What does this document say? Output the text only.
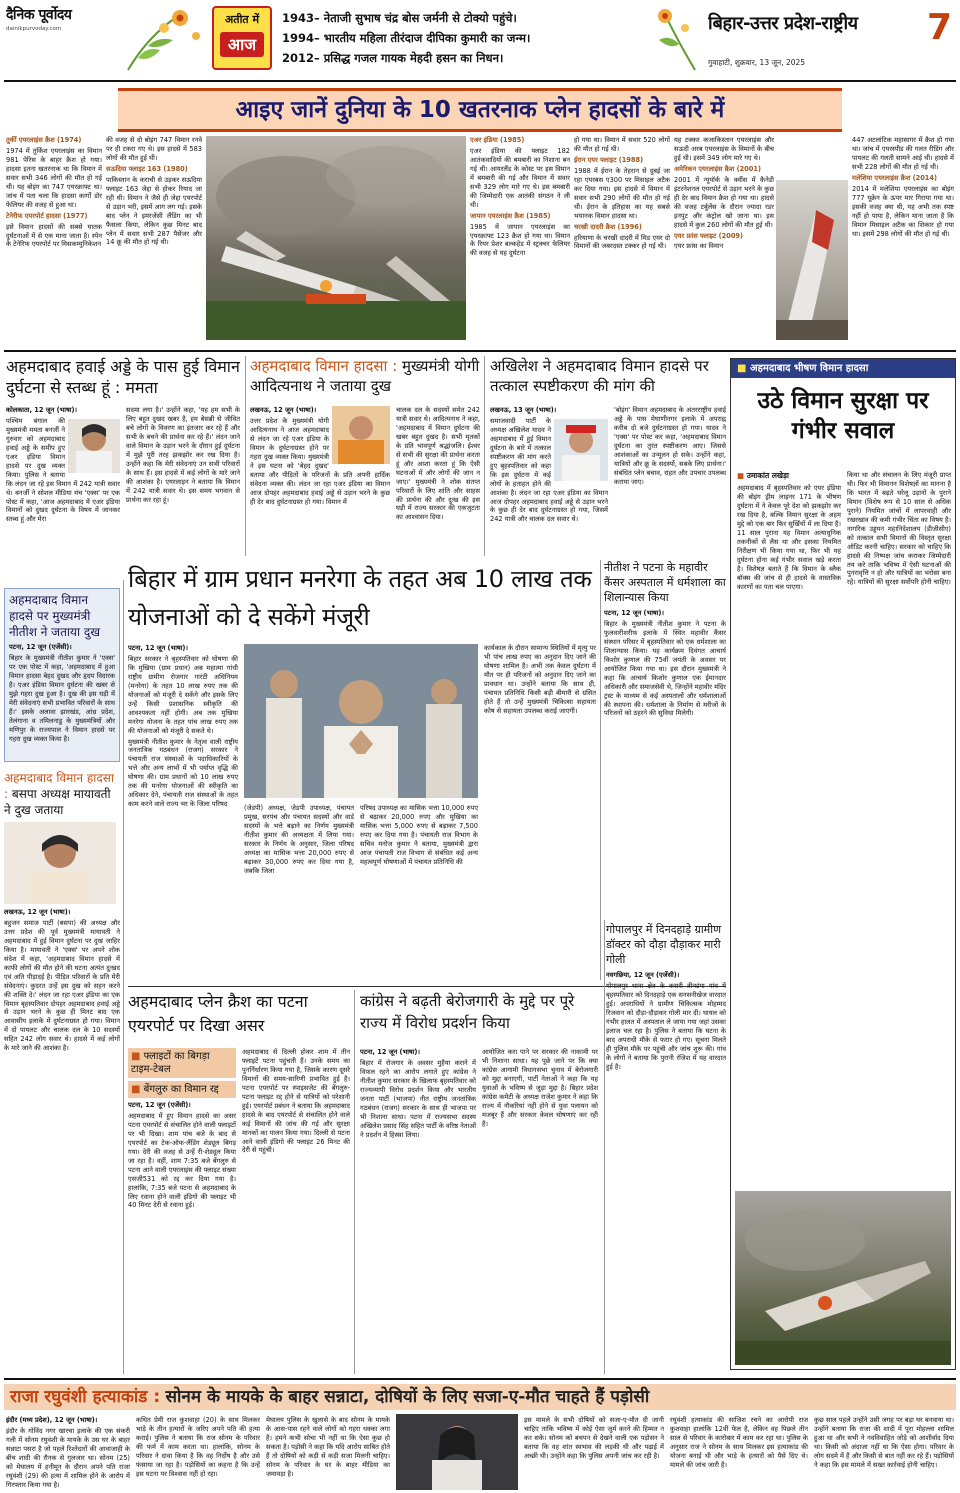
दैनिक पूर्वोदय
dainikpurvoday.com
अतीत में
आज
1943– नेताजी सुभाष चंद्र बोस जर्मनी से टोक्यो पहुंचे।
1994– भारतीय महिला तीरंदाज दीपिका कुमारी का जन्म।
2012– प्रसिद्ध गजल गायक मेहदी हसन का निधन।
बिहार-उत्तर प्रदेश-राष्ट्रीय 7
गुवाहाटी, शुक्रवार, 13 जून, 2025
आइए जानें दुनिया के 10 खतरनाक प्लेन हादसों के बारे में

तुर्की एयरलाइंस क्रैश (1974)

1974 में तुर्किश एयरलाइंस का विमान 981 पेरिस के बाहर क्रैश हो गया। हादसा इतना खतरनाक था कि विमान में सवार सभी 346 लोगों की मौत हो गई थी। यह बोइंग का 747 एयरक्राफ्ट था। जांच में पता चला कि हादसा कार्गो डोर फेलियर की वजह से हुआ था।

टेनेरीफ एयरपोर्ट हादसा (1977)

इसे विमान हादसों की सबसे घातक दुर्घटनाओं में से एक माना जाता है। स्पेन के टेनेरिफ एयरपोर्ट पर मिसकम्युनिकेशन

की वजह से दो बोइंग 747 विमान रनवे पर ही टकरा गए थे। इस हादसे में 583 लोगों की मौत हुई थी।

सऊदिया फ्लाइट 163 (1980)

पाकिस्तान के कराची से उड़कर सऊदिया फ्लाइट 163 जेद्दा से होकर रियाद जा रही थी। विमान ने जैसे ही जेद्दा एयरपोर्ट से उड़ान भरी, इसमें आग लग गई। इसके बाद प्लेन ने इमरजेंसी लैंडिंग का भी फैसला किया, लेकिन कुछ मिनट बाद प्लेन में सवार सभी 287 पैसेंजर और 14 क्रू की मौत हो गई थी।

एअर इंडिया (1985)

एअर इंडिया की फ्लाइट 182 आतंकवादियों की बमबारी का निशाना बन गई थी। आयरलैंड के कोस्ट पर इस विमान में बमबारी की गई और विमान में सवार सभी 329 लोग मारे गए थे। इस बमबारी की जिम्मेदारी एक आतंकी संगठन ने ली थी।

जापान एयरलाइंस क्रैश (1985)

1985 में जापान एयरलाइंस का एयरक्राफ्ट 123 क्रैश हो गया था। विमान के रियर प्रेशर बल्कहेड में स्ट्रक्चर फेलियर की वजह से यह दुर्घटना

हो गया था। विमान में सवार 520 लोगों की मौत हो गई थी।

ईरान एयर फ्लाइट (1988)

1988 में ईरान के तेहरान से दुबई जा रहा एयरबस ए300 पर मिसाइल अटैक कर दिया गया। इस हादसे में विमान में सवार सभी 290 लोगों की मौत हो गई थी। ईरान के इतिहास का यह सबसे भयानक विमान हादसा था।

चरखी दादरी क्रैश (1996)

हरियाणा के चरखी दादरी में मिड एयर दो विमानों की जबरदस्त टक्कर हो गई थी।

यह टक्कर कजाकिस्तान एयरलाइंस और सऊदी अरब एयरलाइंस के विमानों के बीच हुई थी। इसमें 349 लोग मारे गए थे।

अमेरिकन एयरलाइंस क्रैश (2001)

2001 में न्यूयॉर्क के क्वींस में कैनेडी इंटरनेशनल एयरपोर्ट से उड़ान भरने के कुछ ही देर बाद विमान क्रैश हो गया था। हादसे की वजह टर्बुलेंस के दौरान ज्यादा रडर इनपुट और कंट्रोल खो जाना था। इस हादसे में कुल 260 लोगों की मौत हुई थी।

एयर फ्रांस फ्लाइट (2009)

एयर फ्रांस का विमान

447 अटलांटिक महासागर में क्रैश हो गया था। जांच में एयरस्पीड की गलत रीडिंग और पायलट की गलती सामने आई थी। हादसे में सभी 228 लोगों की मौत हो गई थी।

मलेशिया एयरलाइंस क्रैश (2014)

2014 में मलेशिया एयरलाइंस का बोइंग 777 यूक्रेन के ऊपर मार गिराया गया था। इसकी वजह क्या थी, यह अभी तक स्पष्ट नहीं हो पाया है, लेकिन माना जाता है कि विमान मिसाइल अटैक का शिकार हो गया था। इसमें 298 लोगों की मौत हो गई थी।

अहमदाबाद हवाई अड्डे के पास हुई विमान दुर्घटना से स्तब्ध हूं : ममता

कोलकाता, 12 जून (भाषा)।

पश्चिम बंगाल की मुख्यमंत्री ममता बनर्जी ने गुरुवार को अहमदाबाद हवाई अड्डे के समीप हुए एअर इंडिया विमान हादसे पर दुख व्यक्त किया। पुलिस ने बताया कि लंदन जा रहे इस विमान में 242 यात्री सवार थे। बनर्जी ने सोशल मीडिया मंच 'एक्स' पर एक पोस्ट में कहा, 'आज अहमदाबाद में एअर इंडिया विमानों को दुखद दुर्घटना के विषय में जानकर स्तब्ध हूं और मेरा

सदमा लगा है।' उन्होंने कहा, 'यह हम सभी के लिए बहुत दुखद खबर है, हम बेसब्री से जीवित बचे लोगों के विवरण का इंतजार कर रहे हैं और सभी के बचने की प्रार्थना कर रहे हैं।' लंदन जाने वाले विमान के उड़ान भरने के दौरान हुई दुर्घटना में मुझे पूरी तरह झकझोर कर रख दिया है। उन्होंने कहा कि मेरी संवेदनाएं उन सभी परिवारों के साथ हैं। इस हादसे में कई लोगों के मारे जाने की आशंका है। एयरलाइन ने बताया कि विमान में 242 यात्री सवार थे। इस समय भगवान से प्रार्थना कर रहा हूं।

अहमदाबाद विमान हादसा : मुख्यमंत्री योगी आदित्यनाथ ने जताया दुख

लखनऊ, 12 जून (भाषा)।

उत्तर प्रदेश के मुख्यमंत्री योगी आदित्यनाथ ने आज अहमदाबाद से लंदन जा रहे एअर इंडिया के विमान के दुर्घटनाग्रस्त होने पर गहरा दुख व्यक्त किया। मुख्यमंत्री ने इस घटना को 'बेहद दुखद' बताया और पीड़ितों के परिजनों के प्रति अपनी हार्दिक संवेदना व्यक्त की। लंदन जा रहा एअर इंडिया का विमान आज दोपहर अहमदाबाद हवाई अड्डे से उड़ान भरने के कुछ ही देर बाद दुर्घटनाग्रस्त हो गया। विमान में

चालक दल के सदस्यों समेत 242 यात्री सवार थे। आदित्यनाथ ने कहा, 'अहमदाबाद में विमान दुर्घटना की खबर बहुत दुखद है। सभी मृतकों के प्रति भावपूर्ण श्रद्धांजलि। ईश्वर से सभी की सुरक्षा की प्रार्थना करता हूं और आशा करता हूं कि ऐसी घटनाओं में और लोगों की जान न जाए।' मुख्यमंत्री ने शोक संतप्त परिवारों के लिए शांति और साहस की प्रार्थना की और दुःख की इस घड़ी में राज्य सरकार की एकजुटता का आश्वासन दिया।

अखिलेश ने अहमदाबाद विमान हादसे पर तत्काल स्पष्टीकरण की मांग की

लखनऊ, 13 जून (भाषा)।

समाजवादी पार्टी के अध्यक्ष अखिलेश यादव ने अहमदाबाद में हुई विमान दुर्घटना के बारे में तत्काल स्पष्टीकरण की मांग करते हुए बृहस्पतिवार को कहा कि इस दुर्घटना में कई लोगों के हताहत होने की आशंका है। लंदन जा रहा एअर इंडिया का विमान आज दोपहर अहमदाबाद हवाई अड्डे से उड़ान भरने के कुछ ही देर बाद दुर्घटनाग्रस्त हो गया, जिसमें 242 यात्री और चालक दल सवार थे।

'बोइंग' विमान अहमदाबाद के अंतरराष्ट्रीय हवाई अड्डे के पास मेघाणीनगर इलाके में अपराह्न करीब दो बजे दुर्घटनाग्रस्त हो गया। यादव ने 'एक्स' पर पोस्ट कर कहा, 'अहमदाबाद विमान दुर्घटना का तुरंत स्पष्टीकरण आए। जिससे आशंकाओं का उन्मूलन हो सके। उन्होंने कहा, यात्रियों और क्रू के सदस्यों, सबके लिए प्रार्थना।' संबंधित प्लेन बचाव, राहत और उपचार उपलब्ध कराया जाए।

■ अहमदाबाद भीषण विमान हादसा
उठे विमान सुरक्षा पर गंभीर सवाल
■ उमाकांत लखेड़ा

अहमदाबाद में बृहस्पतिवार को एयर इंडिया की बोइंग ड्रीम लाइनर 171 के भीषण दुर्घटना में ने केवल पूरे देश को झकझोर कर रख दिया है, बल्कि विमान सुरक्षा के अहम मुद्दे को एक बार फिर सुर्खियों में ला दिया है। 11 साल पुराना यह विमान अत्याधुनिक तकनीकों से लैस था और इसका नियमित निरीक्षण भी किया गया था, फिर भी यह दुर्घटना होना कई गंभीर सवाल खड़े करता है। विशेषज्ञ बताते हैं कि विमान के ब्लैक बॉक्स की जांच से ही हादसे के वास्तविक कारणों का पता चल पाएगा।

किया था और संचालन के लिए मंजूरी प्राप्त थी। फिर भी विमानन विशेषज्ञों का मानना है कि भारत में बढ़ते घरेलू उड़ानों के पुराने विमान (विशेष रूप से 10 साल से अधिक पुराने) नियमित जांचों में लापरवाही और रखरखाव की कमी गंभीर चिंता का विषय है। नागरिक उड्डयन महानिदेशालय (डीजीसीए) को तत्काल सभी विमानों की विस्तृत सुरक्षा ऑडिट करनी चाहिए। सरकार को चाहिए कि हादसे की निष्पक्ष जांच कराकर जिम्मेदारी तय करे ताकि भविष्य में ऐसी घटनाओं की पुनरावृत्ति न हो और यात्रियों का भरोसा बना रहे। यात्रियों की सुरक्षा सर्वोपरि होनी चाहिए।

अहमदाबाद विमान हादसे पर मुख्यमंत्री नीतीश ने जताया दुख

पटना, 12 जून (एजेंसी)।

बिहार के मुख्यमंत्री नीतीश कुमार ने 'एक्स' पर एक पोस्ट में कहा, 'अहमदाबाद में हुआ विमान हादसा बेहद दुखद और हृदय विदारक है। एअर इंडिया विमान दुर्घटना की खबर से मुझे गहरा दुख हुआ है। दुख की इस घड़ी में मेरी संवेदनाएं सभी प्रभावित परिवारों के साथ हैं।' इसके अलावा झारखंड, आंध्र प्रदेश, तेलंगाना व तमिलनाडु के मुख्यमंत्रियों और मणिपुर के राज्यपाल ने विमान हादसे पर गहरा दुख व्यक्त किया है।

अहमदाबाद विमान हादसा : बसपा अध्यक्ष मायावती ने दुख जताया

लखनऊ, 12 जून (भाषा)।

बहुजन समाज पार्टी (बसपा) की अध्यक्ष और उत्तर प्रदेश की पूर्व मुख्यमंत्री मायावती ने अहमदाबाद में हुई विमान दुर्घटना पर दुख जाहिर किया है। मायावती ने 'एक्स' पर अपने शोक संदेश में कहा, 'अहमदाबाद विमान हादसे में काफी लोगों की मौत होने की घटना अत्यंत दुःखद एवं अति पीड़ादई है। पीड़ित परिवारों के प्रति मेरी संवेदनाएं। कुदरत उन्हें इस दुख को सहन करने की शक्ति दे।' लंदन जा रहा एअर इंडिया का एक विमान बृहस्पतिवार दोपहर अहमदाबाद हवाई अड्डे से उड़ान भरने के कुछ ही मिनट बाद एक आवासीय इलाके में दुर्घटनाग्रस्त हो गया। विमान में दो पायलट और चालक दल के 10 सदस्यों सहित 242 लोग सवार थे। हादसे में कई लोगों के मारे जाने की आशंका है।

बिहार में ग्राम प्रधान मनरेगा के तहत अब 10 लाख तक योजनाओं को दे सकेंगे मंजूरी

पटना, 12 जून (भाषा)।

बिहार सरकार ने बृहस्पतिवार को घोषणा की कि मुखिया (ग्राम प्रधान) अब महात्मा गांधी राष्ट्रीय ग्रामीण रोजगार गारंटी अधिनियम (मनरेगा) के तहत 10 लाख रुपए तक की योजनाओं को मंजूरी दे सकेंगे और इसके लिए उन्हें किसी प्रशासनिक स्वीकृति की आवश्यकता नहीं होगी। अब तक मुखिया मनरेगा योजना के तहत पांच लाख रुपए तक की योजनाओं को मंजूरी दे सकते थे।

मुख्यमंत्री नीतीश कुमार के नेतृत्व वाली राष्ट्रीय जनतांत्रिक गठबंधन (राजग) सरकार ने पंचायती राज संस्थाओं के पदाधिकारियों के भत्ते और अन्य लाभों में भी पर्याप्त वृद्धि की घोषणा की। ग्राम प्रधानों को 10 लाख रुपए तक की मनरेगा योजनाओं की स्वीकृति का अधिकार देने, पंचायती राज संस्थाओं के तहत काम करने वाले राज्य भर के जिला परिषद	(जेडपी) अध्यक्ष, जेडपी उपाध्यक्ष, पंचायत प्रमुख, सरपंच और पंचायत सदस्यों और वार्ड सदस्यों के भत्ते बढ़ाने का निर्णय मुख्यमंत्री नीतीश कुमार की अध्यक्षता में लिया गया। सरकार के निर्णय के अनुसार, जिला परिषद अध्यक्ष का मासिक भत्ता 20,000 रुपए से बढ़ाकर 30,000 रुपए कर दिया गया है, जबकि जिला

परिषद उपाध्यक्ष का मासिक भत्ता 10,000 रुपए से बढ़ाकर 20,000 रुपए और मुखिया का मासिक भत्ता 5,000 रुपए से बढ़ाकर 7,500 रुपए कर दिया गया है। पंचायती राज विभाग के सचिव मनोज कुमार ने बताया, मुख्यमंत्री द्वारा आज पंचायती राज विभाग से संबंधित कई अन्य महत्वपूर्ण घोषणाओं में पंचायत प्रतिनिधि की

कार्यकाल के दौरान सामान्य स्थितियों में मृत्यु पर भी पांच लाख रुपए का अनुदान दिए जाने की घोषणा शामिल है। अभी तक केवल दुर्घटना में मौत पर ही परिजनों को अनुदान दिए जाने का प्रावधान था। उन्होंने बताया कि साथ ही, पंचायत प्रतिनिधि किसी बड़ी बीमारी से ग्रसित होते हैं तो उन्हें मुख्यमंत्री चिकित्सा सहायता कोष से सहायता उपलब्ध कराई जाएगी।

नीतीश ने पटना के महावीर कैंसर अस्पताल में धर्मशाला का शिलान्यास किया

पटना, 12 जून (भाषा)।

बिहार के मुख्यमंत्री नीतीश कुमार ने पटना के फुलवारीशरीफ इलाके में स्थित महावीर कैंसर संस्थान परिसर में बृहस्पतिवार को एक धर्मशाला का शिलान्यास किया। यह कार्यक्रम दिवंगत आचार्य किशोर कुणाल की 75वीं जयंती के अवसर पर आयोजित किया गया था। इस दौरान मुख्यमंत्री ने कहा कि आचार्य किशोर कुणाल एक ईमानदार अधिकारी और समाजसेवी थे, जिन्होंने महावीर मंदिर ट्रस्ट के माध्यम से कई अस्पतालों और धर्मशालाओं की स्थापना की। धर्मशाला के निर्माण से मरीजों के परिजनों को ठहरने की सुविधा मिलेगी।

अहमदाबाद प्लेन क्रैश का पटना एयरपोर्ट पर दिखा असर
■ फ्लाइटों का बिगड़ा टाइम-टेबल
■ बेंगलुरु का विमान रद्द

पटना, 12 जून (एजेंसी)।

अहमदाबाद में हुए विमान हादसे का असर पटना एयरपोर्ट से संचालित होने वाली फ्लाइटों पर भी दिखा। शाम पांच बजे के बाद से एयरपोर्ट का टेक-ऑफ-लैंडिंग शेड्यूल बिगड़ गया। देरी की वजह से उन्हें री-शेड्यूल किया जा रहा है। वहीं, शाम 7:35 बजे बेंगलुरु से पटना आने वाली एयरलाइंस की फ्लाइट संख्या एसजी531 को रद्द कर दिया गया है। हालांकि, 7:35 बजे पटना से अहमदाबाद के लिए रवाना होने वाली इंडिगो की फ्लाइट भी 40 मिनट देरी से रवाना हुई।

अहमदाबाद से दिल्ली होकर शाम में तीन फ्लाइटें पटना पहुंचती हैं। उनके समय का पुनर्निर्धारण किया गया है, जिसके कारण दूसरे विमानों की समय-सारिणी प्रभावित हुई है। पटना एयरपोर्ट पर स्पाइसजेट की बेंगलुरु-पटना फ्लाइट रद्द होने से यात्रियों को परेशानी हुई। एयरपोर्ट प्रबंधन ने बताया कि अहमदाबाद हादसे के बाद एयरपोर्ट से संचालित होने वाले कई विमानों की जांच की गई और सुरक्षा मानकों का पालन किया गया। दिल्ली से पटना आने वाली इंडिगो की फ्लाइट 26 मिनट की देरी से पहुंची।

कांग्रेस ने बढ़ती बेरोजगारी के मुद्दे पर पूरे राज्य में विरोध प्रदर्शन किया

पटना, 12 जून (भाषा)।

बिहार में रोजगार के अवसर मुहैया कराने में विफल रहने का आरोप लगाते हुए कांग्रेस ने नीतीश कुमार सरकार के खिलाफ बृहस्पतिवार को राज्यव्यापी विरोध प्रदर्शन किया और भारतीय जनता पार्टी (भाजपा) नीत राष्ट्रीय जनतांत्रिक गठबंधन (राजग) सरकार के साथ ही भाजपा पर भी निशाना साधा। पटना में राज्यसभा सदस्य अखिलेश प्रसाद सिंह सहित पार्टी के वरिष्ठ नेताओं ने प्रदर्शन में हिस्सा लिया।

आयोजित करा पाने पर सरकार की नाकामी पर भी निशाना साधा। यह पूछे जाने पर कि क्या कांग्रेस आगामी विधानसभा चुनाव में बेरोजगारी को मुद्दा बनाएगी, पार्टी नेताओं ने कहा कि यह युवाओं के भविष्य से जुड़ा मुद्दा है। बिहार प्रदेश कांग्रेस कमेटी के अध्यक्ष राजेश कुमार ने कहा कि राज्य में नौकरियां नहीं होने से युवा पलायन को मजबूर हैं और सरकार केवल घोषणाएं कर रही है।

गोपालपुर में दिनदहाड़े ग्रामीण डॉक्टर को दौड़ा दौड़ाकर मारी गोली

नवगछिया, 12 जून (एजेंसी)।

गोपालपुर थाना क्षेत्र के करारी तीनटंगा गांव में बृहस्पतिवार को दिनदहाड़े एक सनसनीखेज वारदात हुई। अपराधियों ने ग्रामीण चिकित्सक मोहम्मद रिजवान को दौड़ा-दौड़ाकर गोली मार दी। घायल को गंभीर हालत में अस्पताल ले जाया गया जहां उसका इलाज चल रहा है। पुलिस ने बताया कि घटना के बाद अपराधी मौके से फरार हो गए। सूचना मिलते ही पुलिस मौके पर पहुंची और जांच शुरू की। गांव के लोगों ने बताया कि पुरानी रंजिश में यह वारदात हुई है।

राजा रघुवंशी हत्याकांड : सोनम के मायके के बाहर सन्नाटा, दोषियों के लिए सजा-ए-मौत चाहते हैं पड़ोसी

इंदौर (मध्य प्रदेश), 12 जून (भाषा)।

इंदौर के गोविंद नगर खारचा इलाके की एक संकरी गली में सोनम रघुवंशी के मायके के उस घर के बाहर सन्नाटा पसरा है जो पहले रिश्तेदारों की आवाजाही के बीच शादी की रौनक से गुलजार था। सोनम (25) को मेघालय में हनीमून के दौरान अपने पति राजा रघुवंशी (29) की हत्या में शामिल होने के आरोप में गिरफ्तार किया गया है।

कथित प्रेमी राज कुशवाहा (20) के साथ मिलकर भाड़े के तीन हत्यारों के जरिए अपने पति की हत्या कराई। पुलिस ने बताया कि राज सोनम के परिवार की फर्म में काम करता था। हालांकि, सोनम के परिवार ने दावा किया है कि वह निर्दोष है और उसे फंसाया जा रहा है। पड़ोसियों का कहना है कि उन्हें इस घटना पर विश्वास नहीं हो रहा।

मेघालय पुलिस के खुलासे के बाद सोनम के मायके के आस-पास रहने वाले लोगों को गहरा धक्का लगा है। हमने कभी सोचा भी नहीं था कि ऐसा कुछ हो सकता है। पड़ोसी ने कहा कि यदि आरोप साबित होते हैं तो दोषियों को कड़ी से कड़ी सजा मिलनी चाहिए। सोनम के परिवार के घर के बाहर मीडिया का जमावड़ा है।

इस मामले के सभी दोषियों को सजा-ए-मौत दी जानी चाहिए ताकि भविष्य में कोई ऐसा जुर्म करने की हिम्मत न कर सके। सोनम को बचपन से देखने वाली एक पड़ोसन ने बताया कि वह शांत स्वभाव की लड़की थी और पढ़ाई में अच्छी थी। उन्होंने कहा कि पुलिस अपनी जांच कर रही है।

रघुवंशी हत्याकांड की साजिश रचने का आरोपी राज कुशवाहा हालांकि 12वीं फेल है, लेकिन वह पिछले तीन साल से परिवार के कारोबार में काम कर रहा था। पुलिस के अनुसार राज ने सोनम के साथ मिलकर इस हत्याकांड की योजना बनाई थी और भाड़े के हत्यारों को पैसे दिए थे। मामले की जांच जारी है।

कुछ साल पहले उन्होंने उसी जगह पर बड़ा घर बनवाया था। उन्होंने बताया कि राजा की शादी में पूरा मोहल्ला शामिल हुआ था और सभी ने नवविवाहित जोड़े को आशीर्वाद दिया था। किसी को अंदाजा नहीं था कि ऐसा होगा। परिवार के लोग सदमे में हैं और किसी से बात नहीं कर रहे हैं। पड़ोसियों ने कहा कि इस मामले में सख्त कार्रवाई होनी चाहिए।
